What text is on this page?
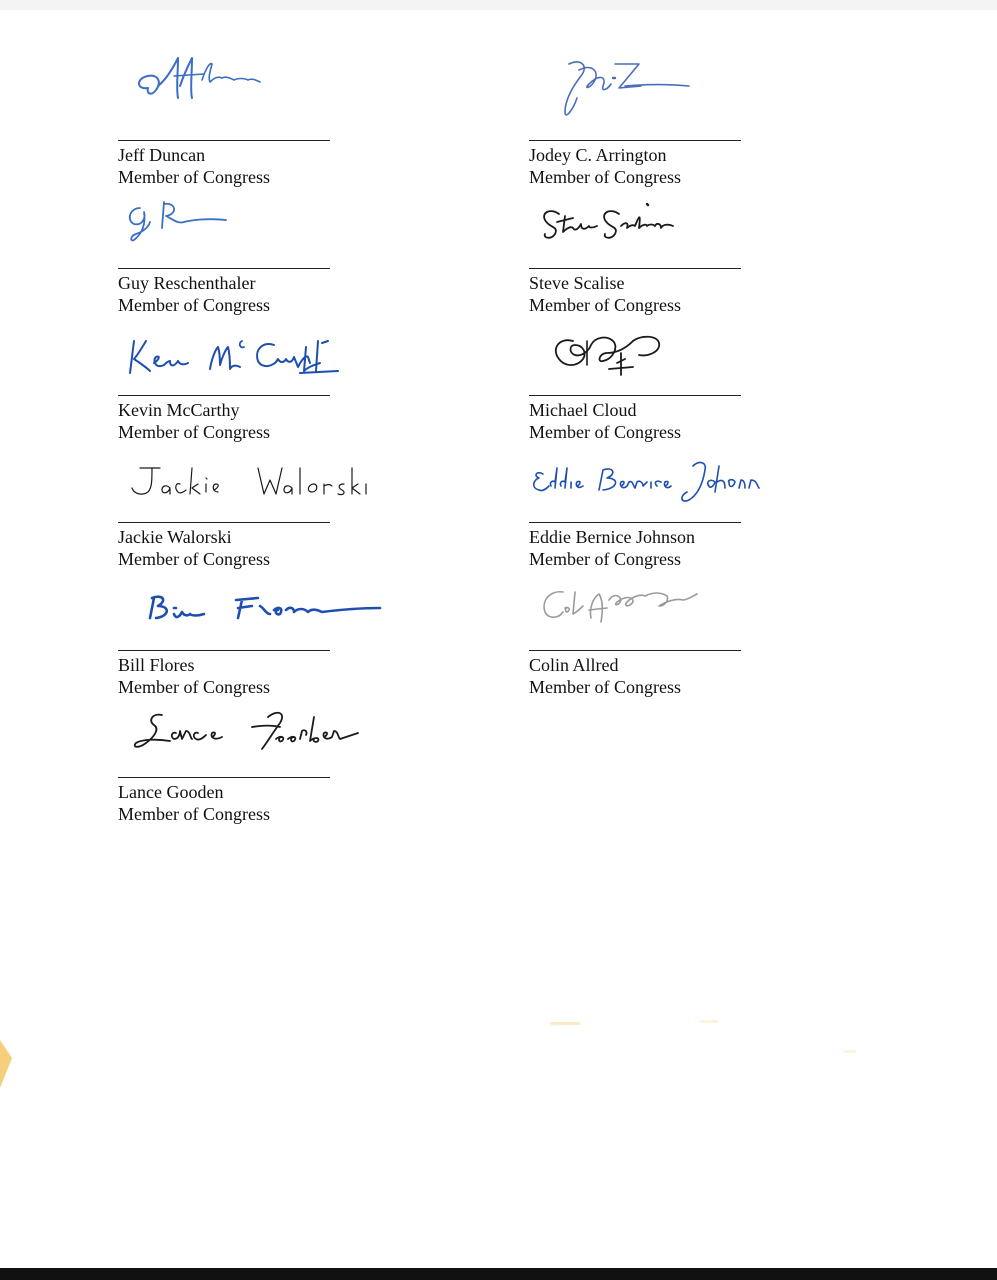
Jeff Duncan
Member of Congress
Jodey C. Arrington
Member of Congress
Guy Reschenthaler
Member of Congress
Steve Scalise
Member of Congress
Kevin McCarthy
Member of Congress
Michael Cloud
Member of Congress
Jackie Walorski
Member of Congress
Eddie Bernice Johnson
Member of Congress
Bill Flores
Member of Congress
Colin Allred
Member of Congress
Lance Gooden
Member of Congress
